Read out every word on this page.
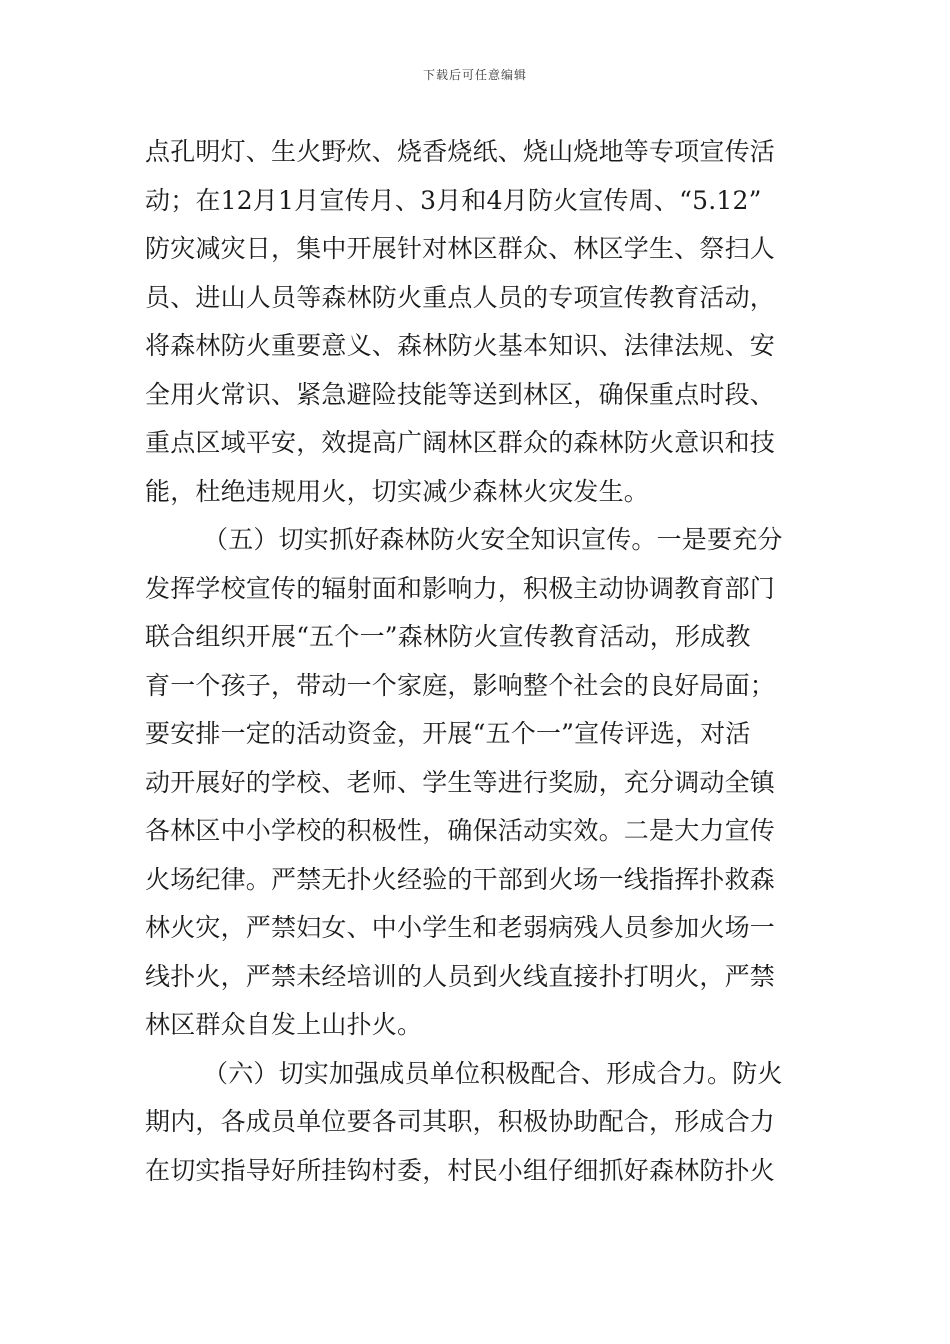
下载后可任意编辑
点孔明灯、生火野炊、烧香烧纸、烧山烧地等专项宣传活
动；在12月1月宣传月、3月和4月防火宣传周、“5.12”
防灾减灾日，集中开展针对林区群众、林区学生、祭扫人
员、进山人员等森林防火重点人员的专项宣传教育活动，
将森林防火重要意义、森林防火基本知识、法律法规、安
全用火常识、紧急避险技能等送到林区，确保重点时段、
重点区域平安，效提高广阔林区群众的森林防火意识和技
能，杜绝违规用火，切实减少森林火灾发生。
（五）切实抓好森林防火安全知识宣传。一是要充分
发挥学校宣传的辐射面和影响力，积极主动协调教育部门
联合组织开展“五个一”森林防火宣传教育活动，形成教
育一个孩子，带动一个家庭，影响整个社会的良好局面；
要安排一定的活动资金，开展“五个一”宣传评选，对活
动开展好的学校、老师、学生等进行奖励，充分调动全镇
各林区中小学校的积极性，确保活动实效。二是大力宣传
火场纪律。严禁无扑火经验的干部到火场一线指挥扑救森
林火灾，严禁妇女、中小学生和老弱病残人员参加火场一
线扑火，严禁未经培训的人员到火线直接扑打明火，严禁
林区群众自发上山扑火。
（六）切实加强成员单位积极配合、形成合力。防火
期内，各成员单位要各司其职，积极协助配合，形成合力
在切实指导好所挂钩村委，村民小组仔细抓好森林防扑火
